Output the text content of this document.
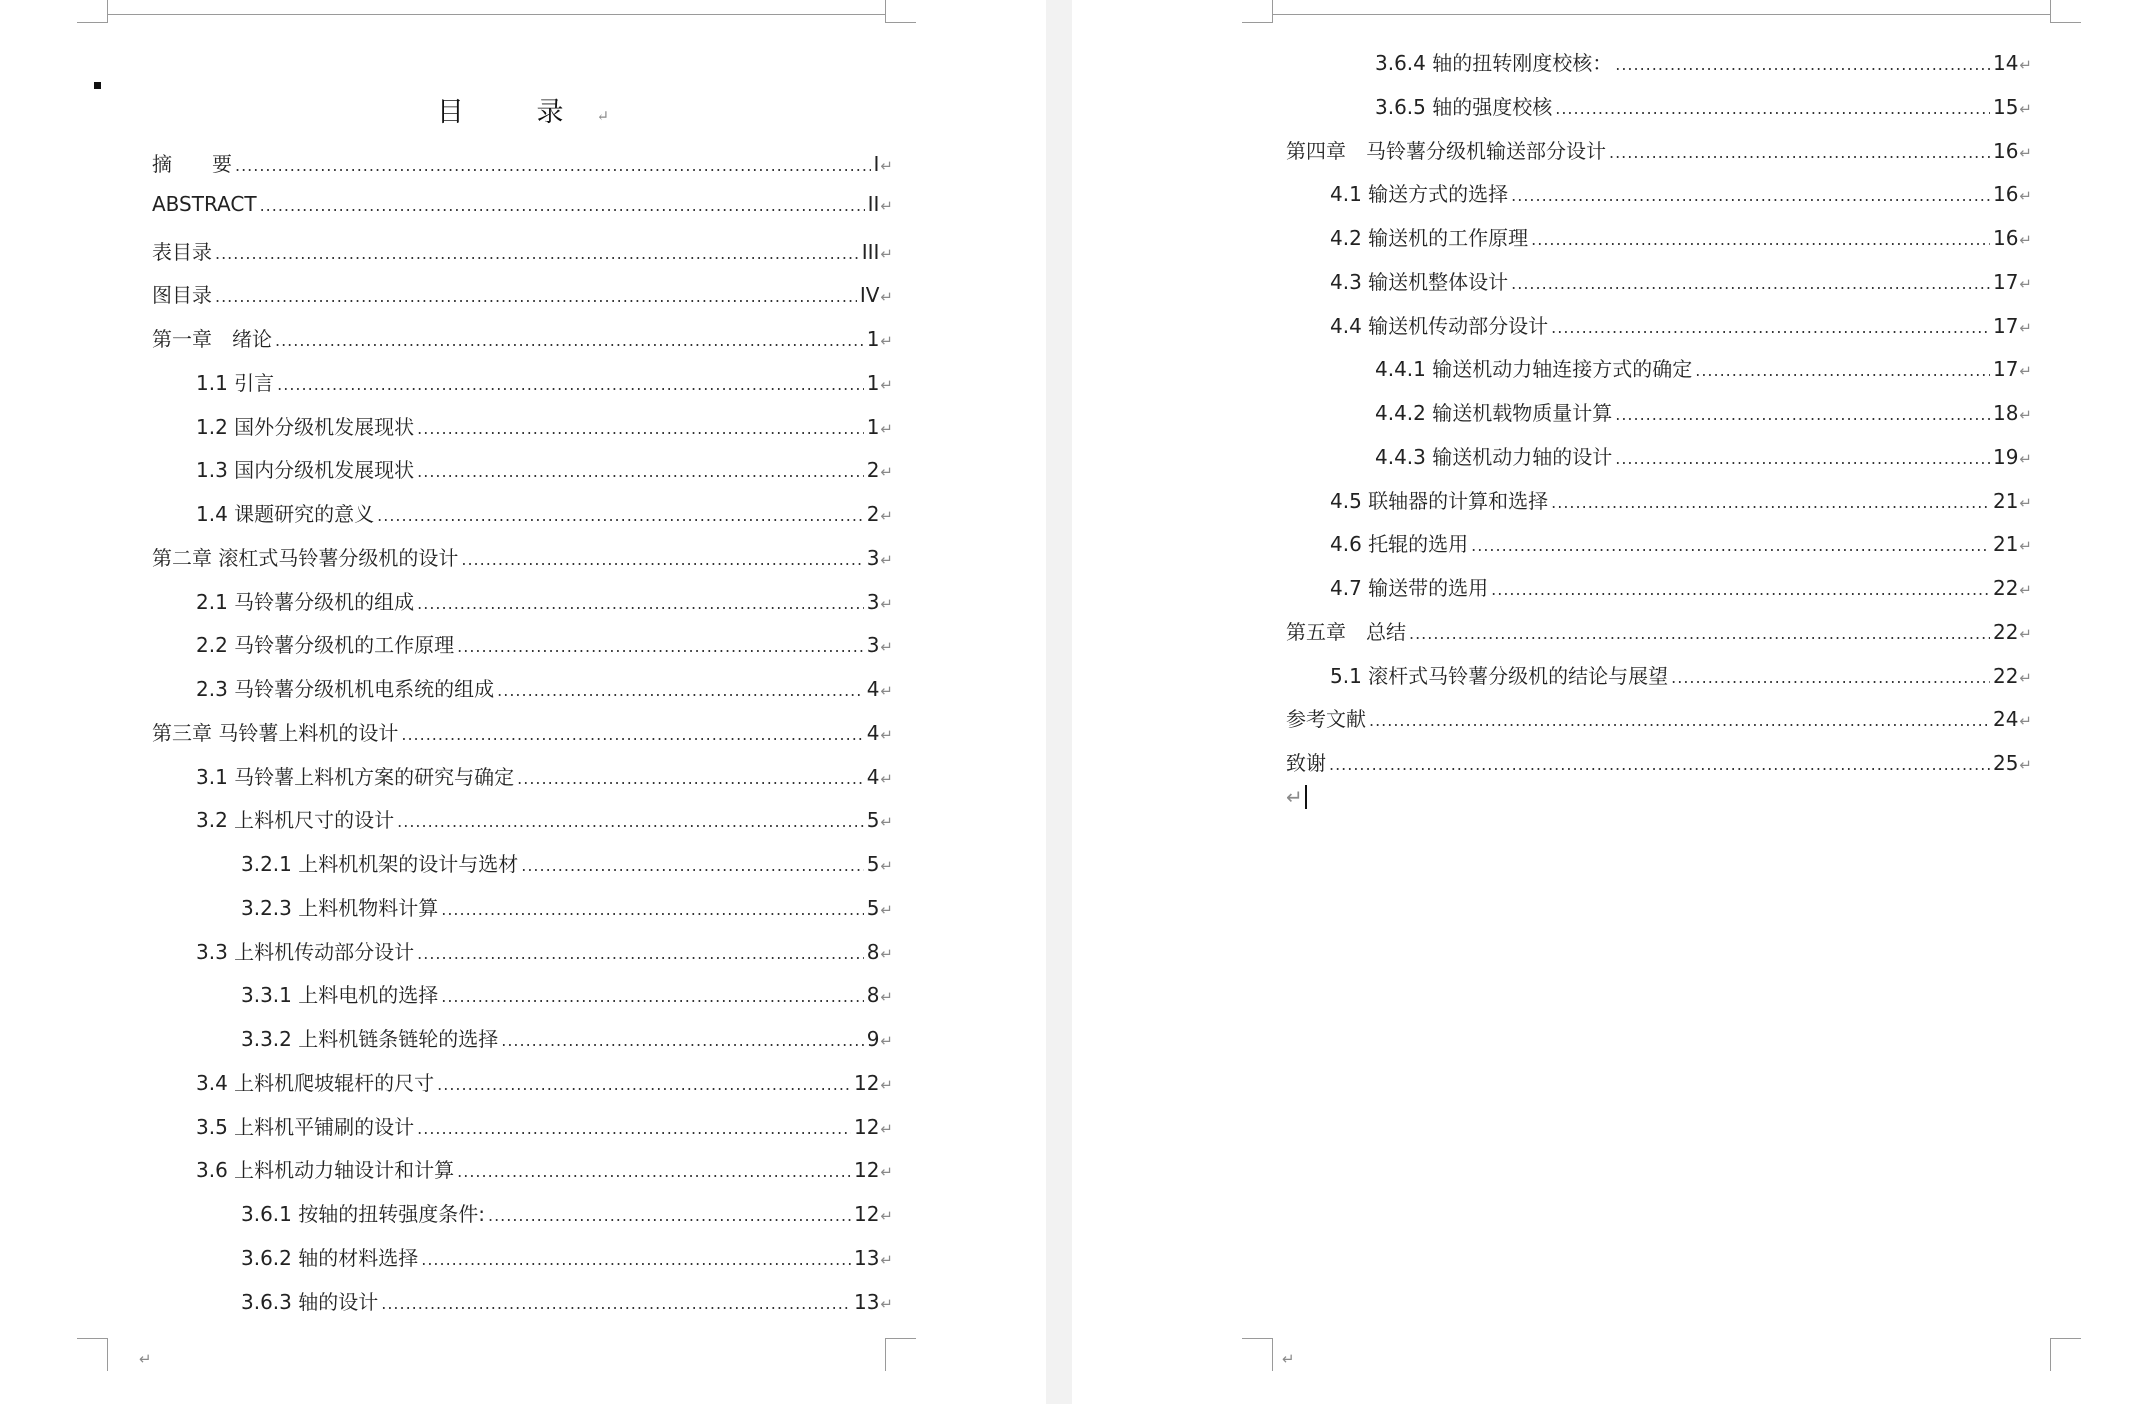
目 录↵
摘　　要 .....	I ↵
ABSTRACT .....	II ↵
表目录 .....	III ↵
图目录 .....	IV ↵
第一章　绪论 .....	1 ↵
1.1 引言 .....	1 ↵
1.2 国外分级机发展现状 .....	1 ↵
1.3 国内分级机发展现状 .....	2 ↵
1.4 课题研究的意义 .....	2 ↵
第二章 滚杠式马铃薯分级机的设计 .....	3 ↵
2.1 马铃薯分级机的组成 .....	3 ↵
2.2 马铃薯分级机的工作原理 .....	3 ↵
2.3 马铃薯分级机机电系统的组成 .....	4 ↵
第三章 马铃薯上料机的设计 .....	4 ↵
3.1 马铃薯上料机方案的研究与确定 .....	4 ↵
3.2 上料机尺寸的设计 .....	5 ↵
3.2.1 上料机机架的设计与选材 .....	5 ↵
3.2.3 上料机物料计算 .....	5 ↵
3.3 上料机传动部分设计 .....	8 ↵
3.3.1 上料电机的选择 .....	8 ↵
3.3.2 上料机链条链轮的选择 .....	9 ↵
3.4 上料机爬坡辊杆的尺寸 .....	12 ↵
3.5 上料机平铺刷的设计 .....	12 ↵
3.6 上料机动力轴设计和计算 .....	12 ↵
3.6.1 按轴的扭转强度条件: .....	12 ↵
3.6.2 轴的材料选择 .....	13 ↵
3.6.3 轴的设计 .....	13 ↵
↵	↵
3.6.4 轴的扭转刚度校核： .....	14 ↵
3.6.5 轴的强度校核 .....	15 ↵
第四章　马铃薯分级机输送部分设计 .....	16 ↵
4.1 输送方式的选择 .....	16 ↵
4.2 输送机的工作原理 .....	16 ↵
4.3 输送机整体设计 .....	17 ↵
4.4 输送机传动部分设计 .....	17 ↵
4.4.1 输送机动力轴连接方式的确定 .....	17 ↵
4.4.2 输送机载物质量计算 .....	18 ↵
4.4.3 输送机动力轴的设计 .....	19 ↵
4.5 联轴器的计算和选择 .....	21 ↵
4.6 托辊的选用 .....	21 ↵
4.7 输送带的选用 .....	22 ↵
第五章　总结 .....	22 ↵
5.1 滚杆式马铃薯分级机的结论与展望 .....	22 ↵
参考文献 .....	24 ↵
致谢 .....	25 ↵
↵
